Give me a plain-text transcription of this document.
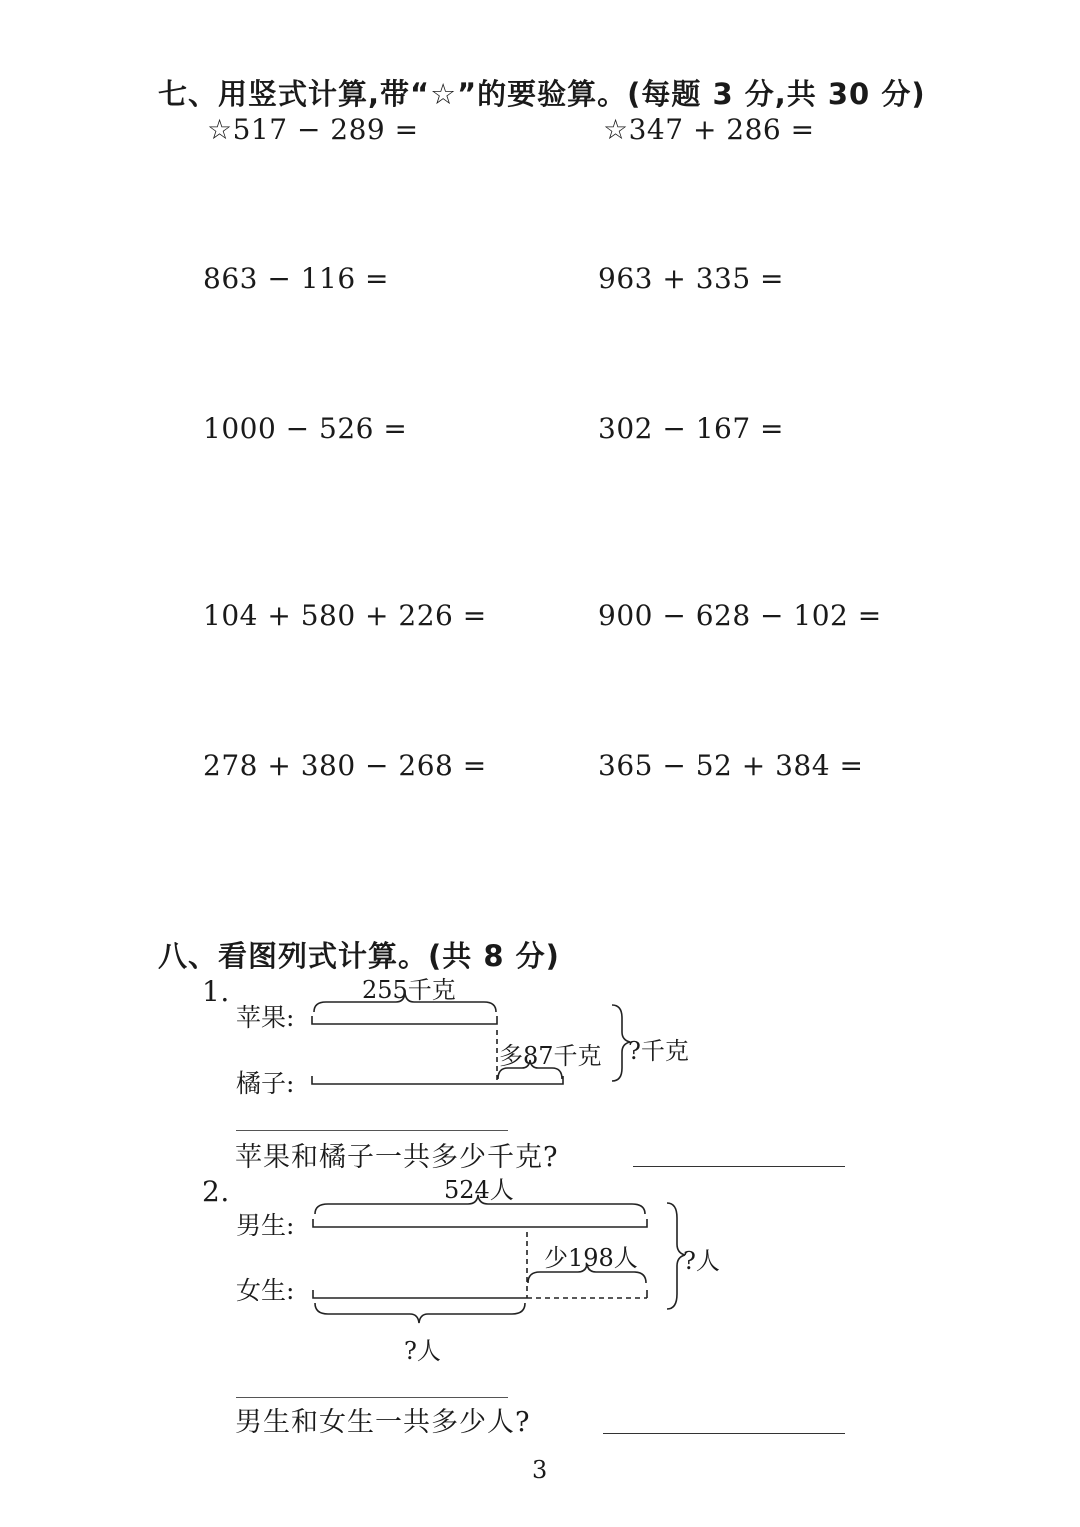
七、用竖式计算,带“☆”的要验算。(每题 3 分,共 30 分)
☆517 − 289 =	☆347 + 286 =
863 − 116 =	963 + 335 =
1000 − 526 =	302 − 167 =
104 + 580 + 226 =	900 − 628 − 102 =
278 + 380 − 268 =	365 − 52 + 384 =
八、看图列式计算。(共 8 分)
1.
苹果:
橘子:
255千克
多87千克 ?千克
苹果和橘子一共多少千克?
2.
男生:
女生:
524人
少198人 ?人
?人
男生和女生一共多少人?
3
